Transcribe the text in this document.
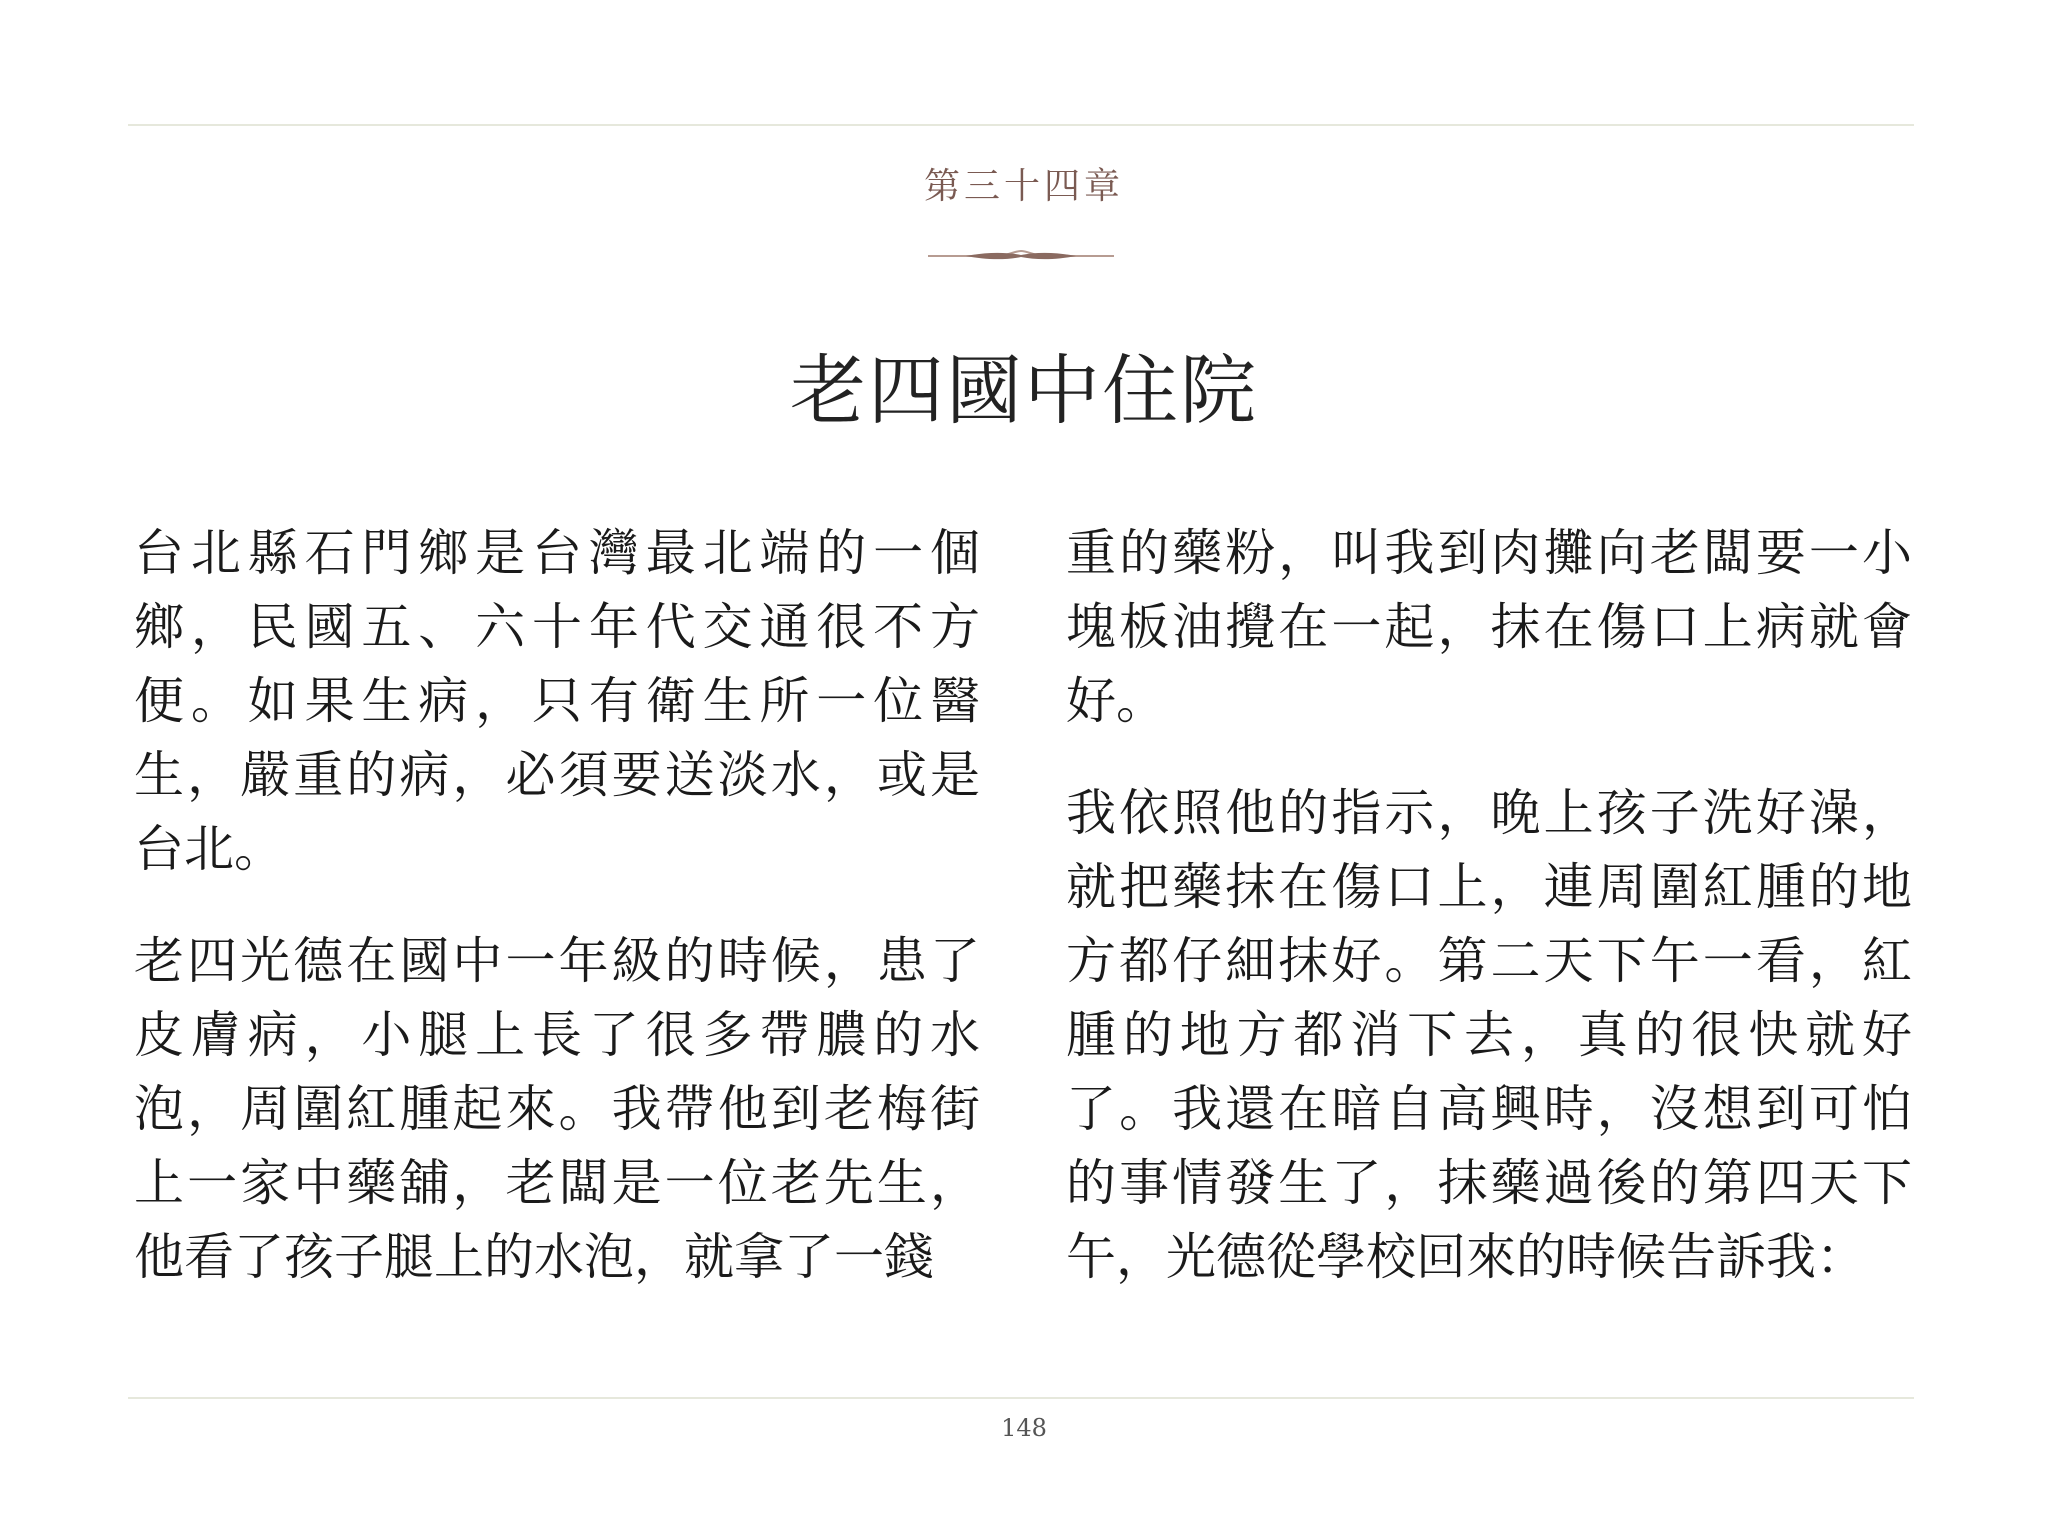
第三十四章
老四國中住院

台北縣石門鄉是台灣最北端的一個鄉，民國五、六十年代交通很不方便。如果生病，只有衛生所一位醫生，嚴重的病，必須要送淡水，或是台北。

老四光德在國中一年級的時候，患了皮膚病，小腿上長了很多帶膿的水泡，周圍紅腫起來。我帶他到老梅街上一家中藥舖，老闆是一位老先生，他看了孩子腿上的水泡，就拿了一錢

重的藥粉，叫我到肉攤向老闆要一小塊板油攪在一起，抹在傷口上病就會好。

我依照他的指示，晚上孩子洗好澡，就把藥抹在傷口上，連周圍紅腫的地方都仔細抹好。第二天下午一看，紅腫的地方都消下去，真的很快就好了。我還在暗自高興時，沒想到可怕的事情發生了，抹藥過後的第四天下午，光德從學校回來的時候告訴我：

148
